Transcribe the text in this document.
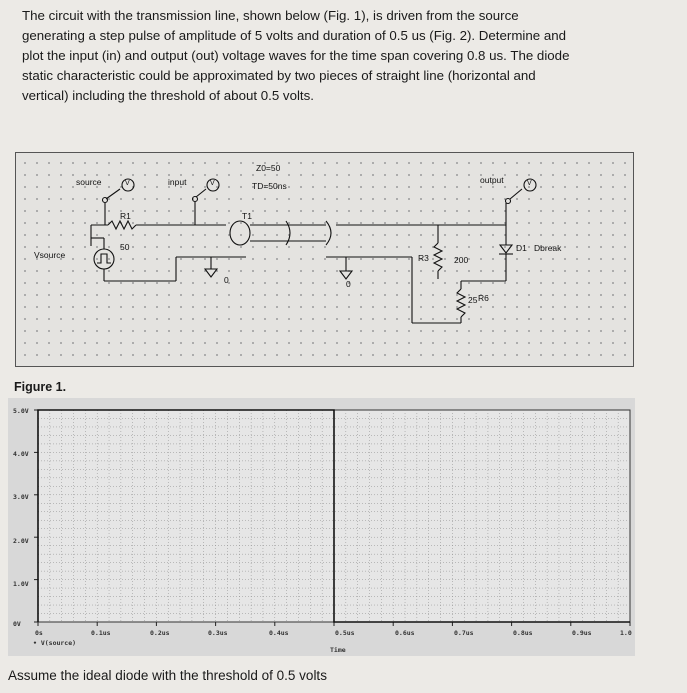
The circuit with the transmission line, shown below (Fig. 1), is driven from the source
generating a step pulse of amplitude of 5 volts and duration of 0.5 us (Fig. 2). Determine and
plot the input (in) and output (out) voltage waves for the time span covering 0.8 us. The diode
static characteristic could be approximated by two pieces of straight line (horizontal and
vertical) including the threshold of about 0.5 volts.
source	V	input	V
R1
50
Vsource
Z0=50
TD=50ns
T1
0	0
R3	200
output	V
D1 Dbreak
R6
25
Figure 1.
5.0V
4.0V
3.0V
2.0V
1.0V
0V
0s	0.1us	0.2us	0.3us	0.4us	0.5us	0.6us	0.7us	0.8us	0.9us	1.0
• V(source)
Time
Assume the ideal diode with the threshold of 0.5 volts
